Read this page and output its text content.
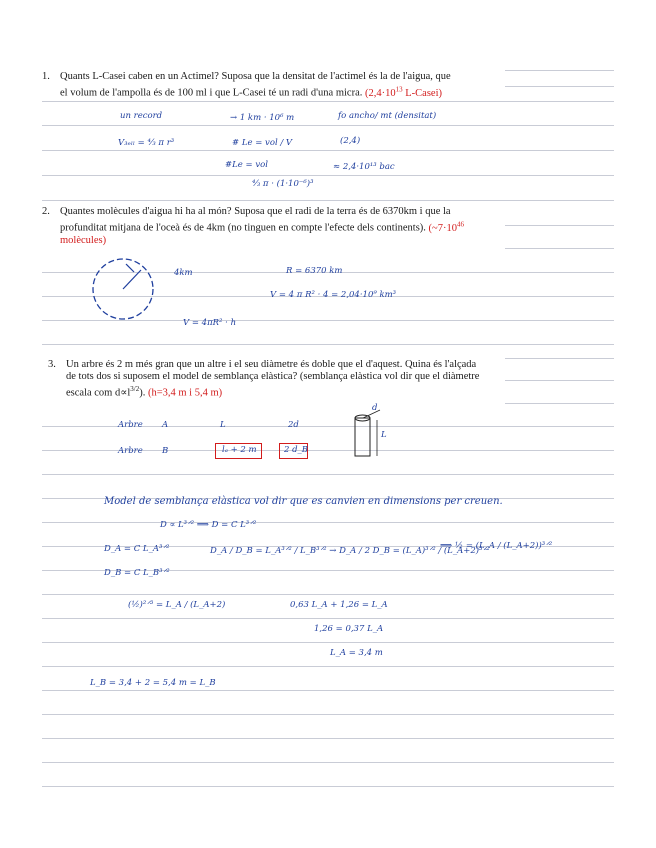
1. Quants L-Casei caben en un Actimel? Suposa que la densitat de l'actimel és la de l'aigua, que
el volum de l'ampolla és de 100 ml i que L-Casei té un radi d'una micra. ($2,4\cdot 10^{13}$ L-Casei)
un record	→ 1 km · 10⁶ m	fo ancho/ mt (densitat)
V₃ₑₗₗ = ⁴⁄₃ π r³	# Le = vol / V	(2,4)
#Le = vol
⁴⁄₃ π · (1·10⁻⁶)³
≈ 2,4·10¹³ bac
2. Quantes molècules d'aigua hi ha al món? Suposa que el radi de la terra és de 6370km i que la
profunditat mitjana de l'oceà és de 4km (no tinguen en compte l'efecte dels continents). ($\sim 7\cdot 10^{46}$
molècules)
4km	R = 6370 km
V = 4 π R² · 4 = 2,04·10⁹ km³
V = 4πR² · h
3. Un arbre és 2 m més gran que un altre i el seu diàmetre és doble que el d'aquest. Quina és l'alçada
de tots dos si suposem el model de semblança elàstica? (semblança elàstica vol dir que el diàmetre
escala com $d\propto l^{3/2}$). (h=3,4 m i 5,4 m)
Arbre A	L	2d
d
L
Arbre B	lₐ + 2 m	2 d_B
Model de semblança elàstica vol dir que es canvien en dimensions per creuen.
D ∝ L³ᐟ² ⟹ D = C L³ᐟ²
D_A = C L_A³ᐟ²
D_B = C L_B³ᐟ²
D_A / D_B = L_A³ᐟ² / L_B³ᐟ² → D_A / 2 D_B = (L_A)³ᐟ² / (L_A+2)³ᐟ²
⟹ ½ = (L_A / (L_A+2))³ᐟ²
(½)²ᐟ³ = L_A / (L_A+2)	0,63 L_A + 1,26 = L_A
1,26 = 0,37 L_A
L_A = 3,4 m
L_B = 3,4 + 2 = 5,4 m = L_B
